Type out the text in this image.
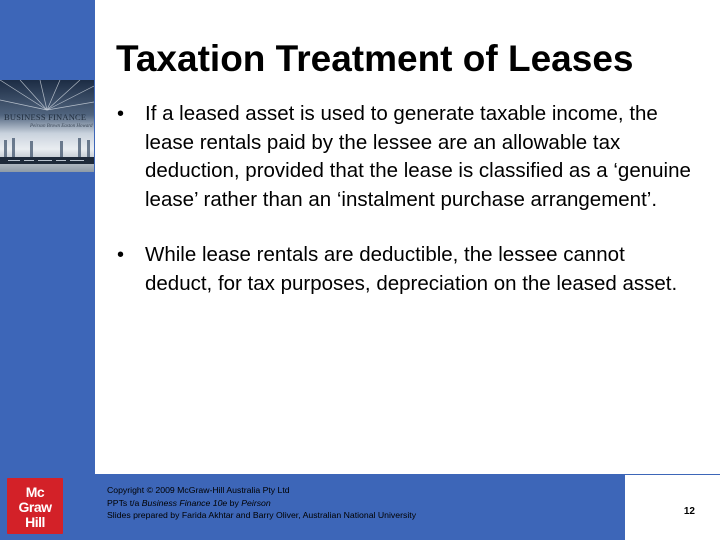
BUSINESS FINANCE
Peirson Brown Easton Howard
Taxation Treatment of Leases
• If a leased asset is used to generate taxable income, the lease rentals paid by the lessee are an allowable tax deduction, provided that the lease is classified as a ‘genuine lease’ rather than an ‘instalment purchase arrangement’.
• While lease rentals are deductible, the lessee cannot deduct, for tax purposes, depreciation on the leased asset.
Copyright © 2009 McGraw-Hill Australia Pty Ltd
PPTs t/a Business Finance 10e by Peirson
Slides prepared by Farida Akhtar and Barry Oliver, Australian National University	12
Mc
Graw
Hill
